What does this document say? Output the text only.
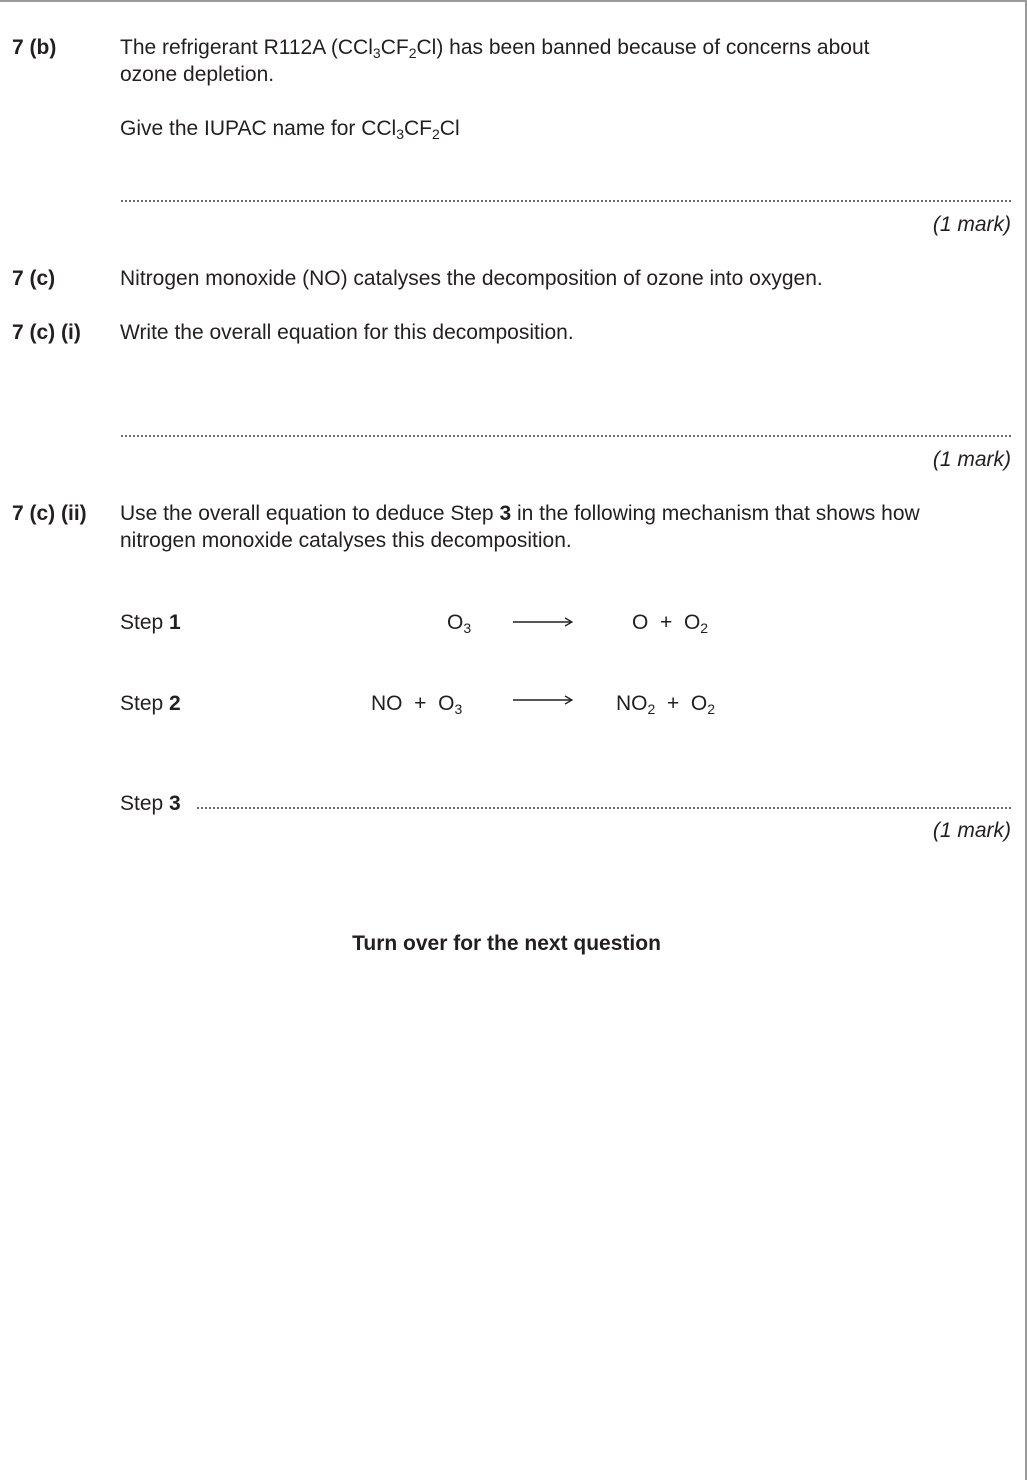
7 (b)	The refrigerant R112A $(CCl_3CF_2Cl)$ has been banned because of concerns about
ozone depletion.
Give the IUPAC name for $CCl_3CF_2Cl$
(1 mark)
7 (c)	Nitrogen monoxide (NO) catalyses the decomposition of ozone into oxygen.
7 (c) (i) Write the overall equation for this decomposition.
(1 mark)
7 (c) (ii) Use the overall equation to deduce Step 3 in the following mechanism that shows how
nitrogen monoxide catalyses this decomposition.
Step 1	$O_3$	$O + O_2$
Step 2	NO + $O_3$	$NO_2 + O_2$
Step 3
(1 mark)
Turn over for the next question
